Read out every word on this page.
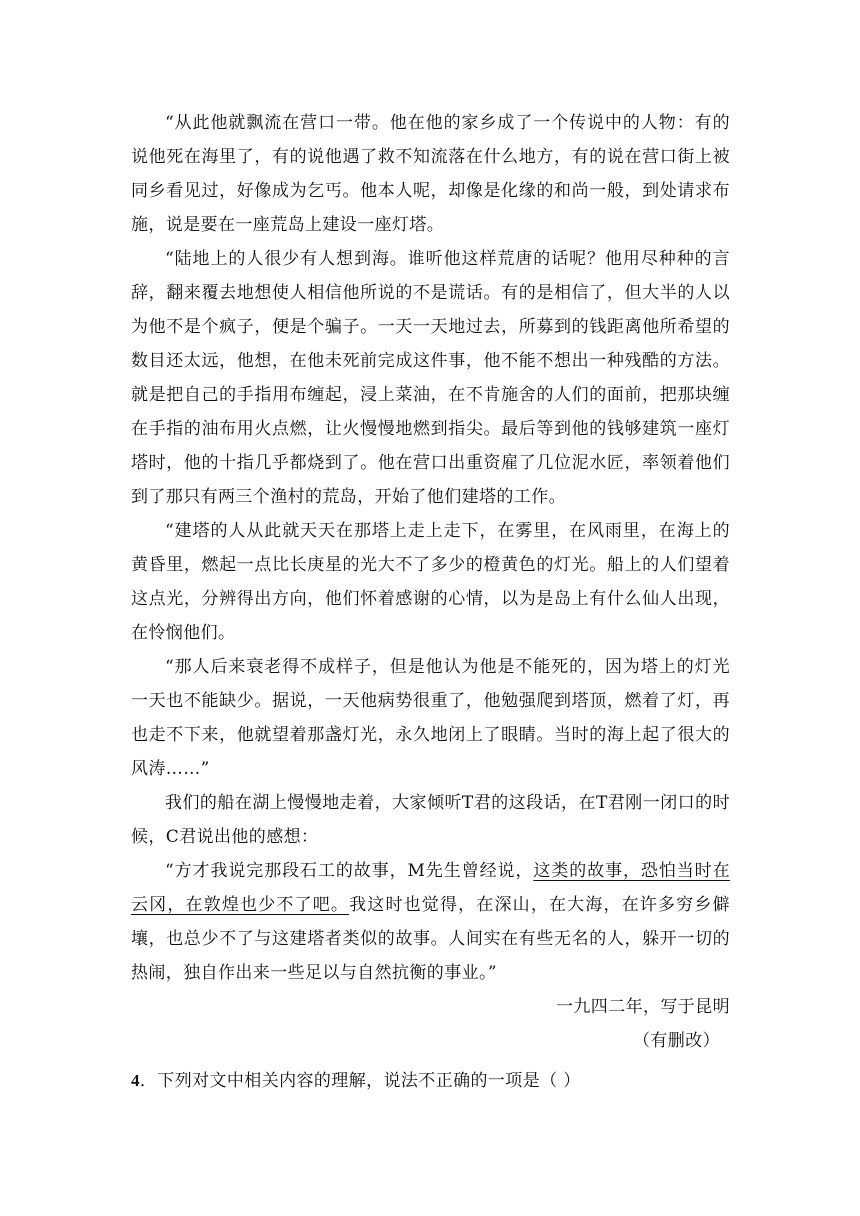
“从此他就飘流在营口一带。他在他的家乡成了一个传说中的人物：有的说他死在海里了，有的说他遇了救不知流落在什么地方，有的说在营口街上被同乡看见过，好像成为乞丐。他本人呢，却像是化缘的和尚一般，到处请求布施，说是要在一座荒岛上建设一座灯塔。

“陆地上的人很少有人想到海。谁听他这样荒唐的话呢？他用尽种种的言辞，翻来覆去地想使人相信他所说的不是谎话。有的是相信了，但大半的人以为他不是个疯子，便是个骗子。一天一天地过去，所募到的钱距离他所希望的数目还太远，他想，在他未死前完成这件事，他不能不想出一种残酷的方法。就是把自己的手指用布缠起，浸上菜油，在不肯施舍的人们的面前，把那块缠在手指的油布用火点燃，让火慢慢地燃到指尖。最后等到他的钱够建筑一座灯塔时，他的十指几乎都烧到了。他在营口出重资雇了几位泥水匠，率领着他们到了那只有两三个渔村的荒岛，开始了他们建塔的工作。

“建塔的人从此就天天在那塔上走上走下，在雾里，在风雨里，在海上的黄昏里，燃起一点比长庚星的光大不了多少的橙黄色的灯光。船上的人们望着这点光，分辨得出方向，他们怀着感谢的心情，以为是岛上有什么仙人出现，在怜悯他们。

“那人后来衰老得不成样子，但是他认为他是不能死的，因为塔上的灯光一天也不能缺少。据说，一天他病势很重了，他勉强爬到塔顶，燃着了灯，再也走不下来，他就望着那盏灯光，永久地闭上了眼睛。当时的海上起了很大的风涛……”

我们的船在湖上慢慢地走着，大家倾听T君的这段话，在T君刚一闭口的时候，C君说出他的感想：

“方才我说完那段石工的故事，M先生曾经说，这类的故事，恐怕当时在云冈，在敦煌也少不了吧。我这时也觉得，在深山，在大海，在许多穷乡僻壤，也总少不了与这建塔者类似的故事。人间实在有些无名的人，躲开一切的热闹，独自作出来一些足以与自然抗衡的事业。”

一九四二年，写于昆明

（有删改）

4．下列对文中相关内容的理解，说法不正确的一项是（ ）
